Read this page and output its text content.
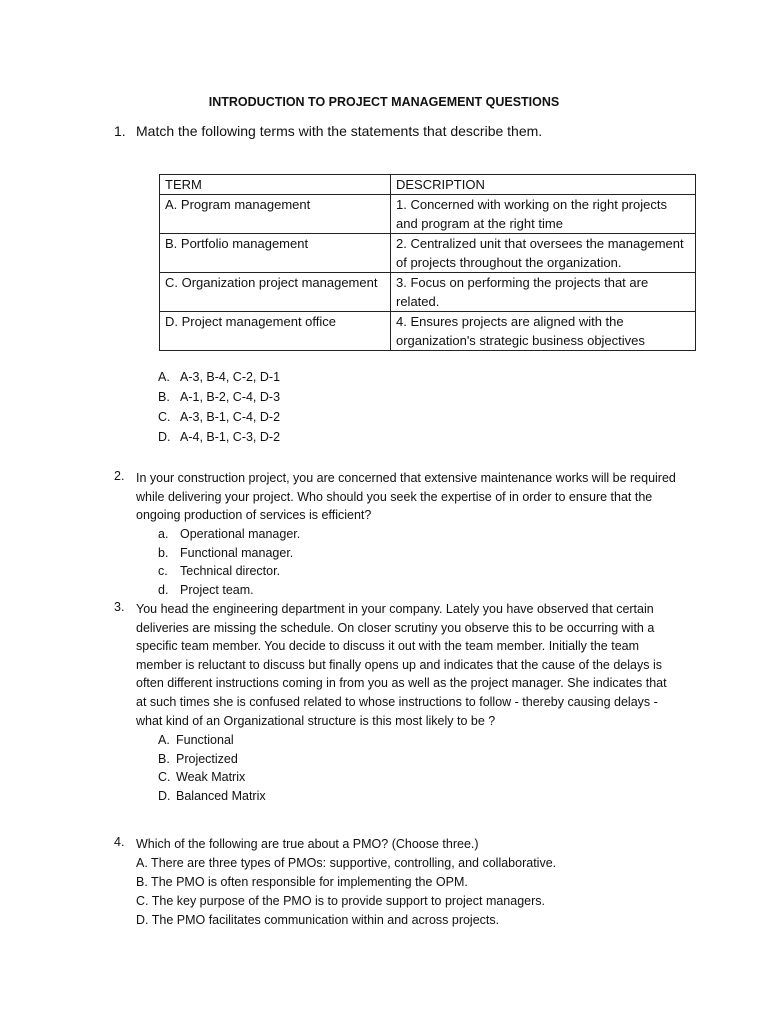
INTRODUCTION TO PROJECT MANAGEMENT QUESTIONS
1. Match the following terms with the statements that describe them.
TERM	DESCRIPTION
A. Program management	1. Concerned with working on the right projects and program at the right time
B. Portfolio management	2. Centralized unit that oversees the management of projects throughout the organization.
C. Organization project management	3. Focus on performing the projects that are related.
D. Project management office	4. Ensures projects are aligned with the organization's strategic business objectives
A. A-3, B-4, C-2, D-1
B. A-1, B-2, C-4, D-3
C. A-3, B-1, C-4, D-2
D. A-4, B-1, C-3, D-2
2. In your construction project, you are concerned that extensive maintenance works will be required while delivering your project. Who should you seek the expertise of in order to ensure that the ongoing production of services is efficient?
a. Operational manager.
b. Functional manager.
c. Technical director.
d. Project team.
3. You head the engineering department in your company. Lately you have observed that certain deliveries are missing the schedule. On closer scrutiny you observe this to be occurring with a specific team member. You decide to discuss it out with the team member. Initially the team member is reluctant to discuss but finally opens up and indicates that the cause of the delays is often different instructions coming in from you as well as the project manager. She indicates that at such times she is confused related to whose instructions to follow - thereby causing delays - what kind of an Organizational structure is this most likely to be ?
A. Functional
B. Projectized
C. Weak Matrix
D. Balanced Matrix
4. Which of the following are true about a PMO? (Choose three.)
A. There are three types of PMOs: supportive, controlling, and collaborative.
B. The PMO is often responsible for implementing the OPM.
C. The key purpose of the PMO is to provide support to project managers.
D. The PMO facilitates communication within and across projects.
